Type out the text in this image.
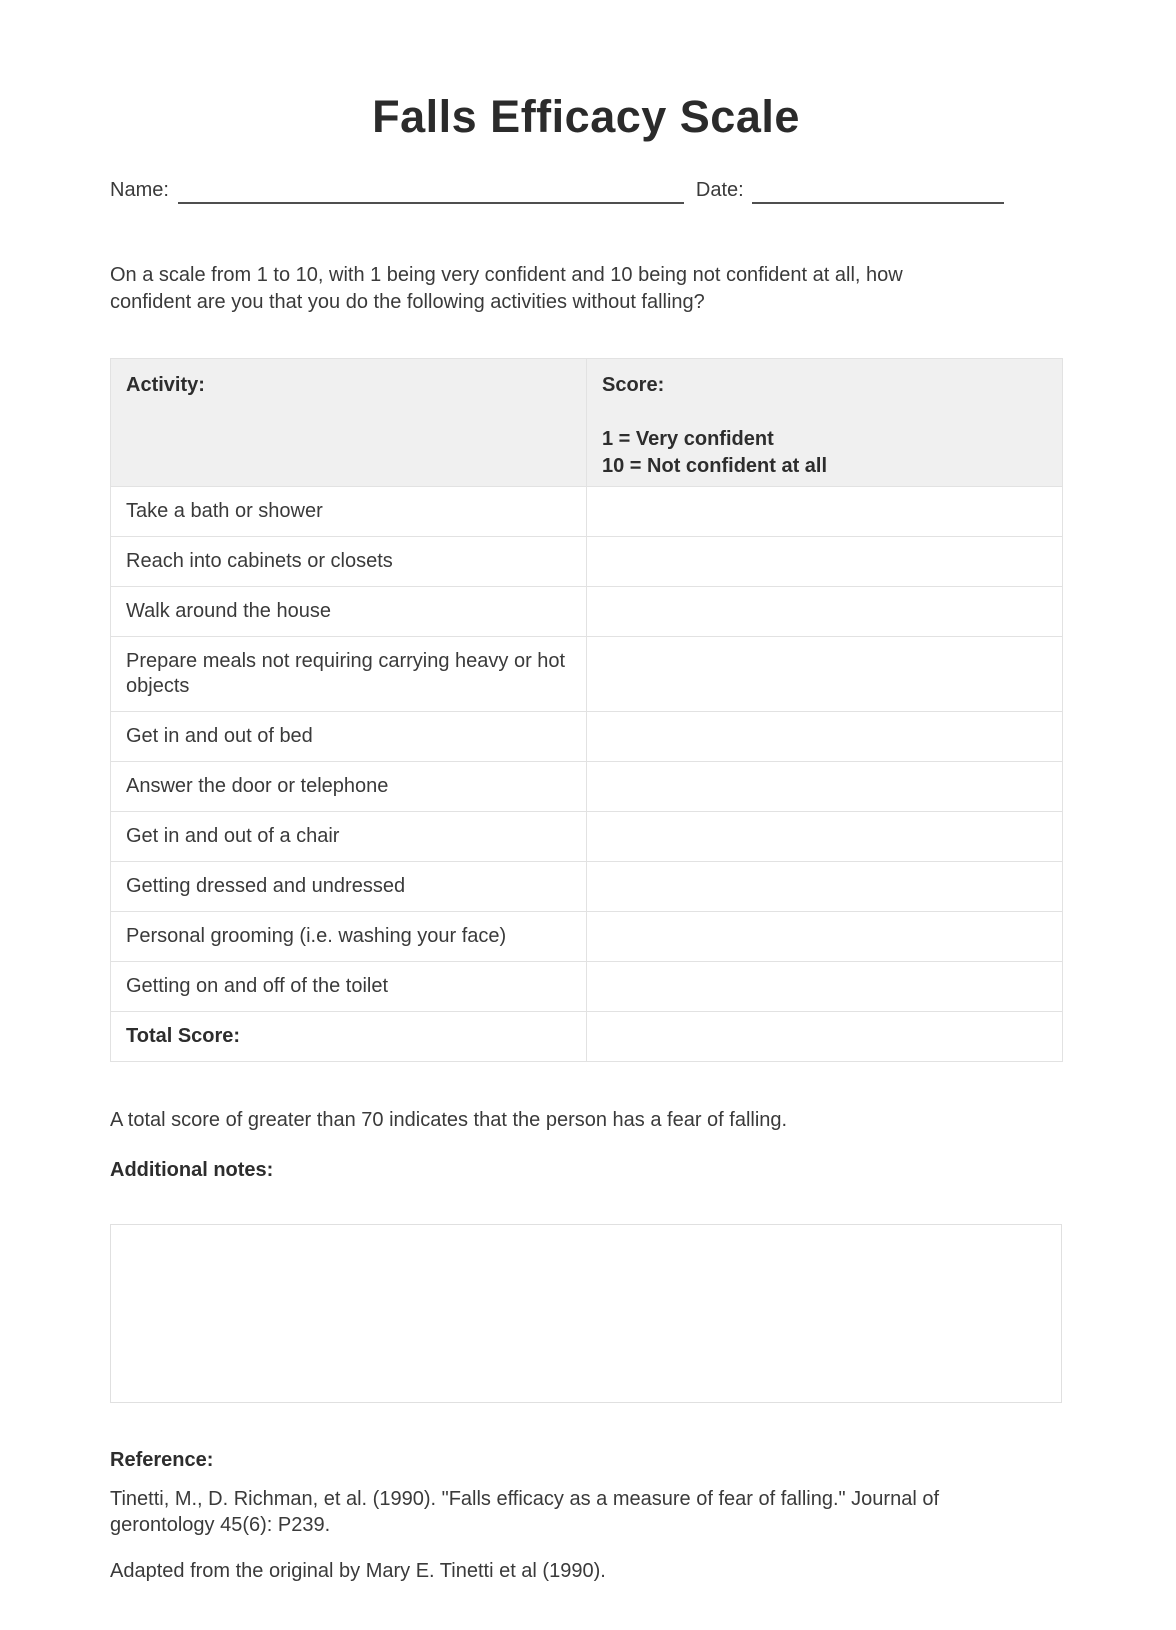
Falls Efficacy Scale
Name:	Date:

On a scale from 1 to 10, with 1 being very confident and 10 being not confident at all, how confident are you that you do the following activities without falling?

Activity:	Score:
1 = Very confident
10 = Not confident at all

Take a bath or shower	
Reach into cabinets or closets	
Walk around the house	
Prepare meals not requiring carrying heavy or hot objects	
Get in and out of bed	
Answer the door or telephone	
Get in and out of a chair	
Getting dressed and undressed	
Personal grooming (i.e. washing your face)	
Getting on and off of the toilet	
Total Score:	

A total score of greater than 70 indicates that the person has a fear of falling.

Additional notes:

Reference:

Tinetti, M., D. Richman, et al. (1990). "Falls efficacy as a measure of fear of falling." Journal of gerontology 45(6): P239.

Adapted from the original by Mary E. Tinetti et al (1990).
